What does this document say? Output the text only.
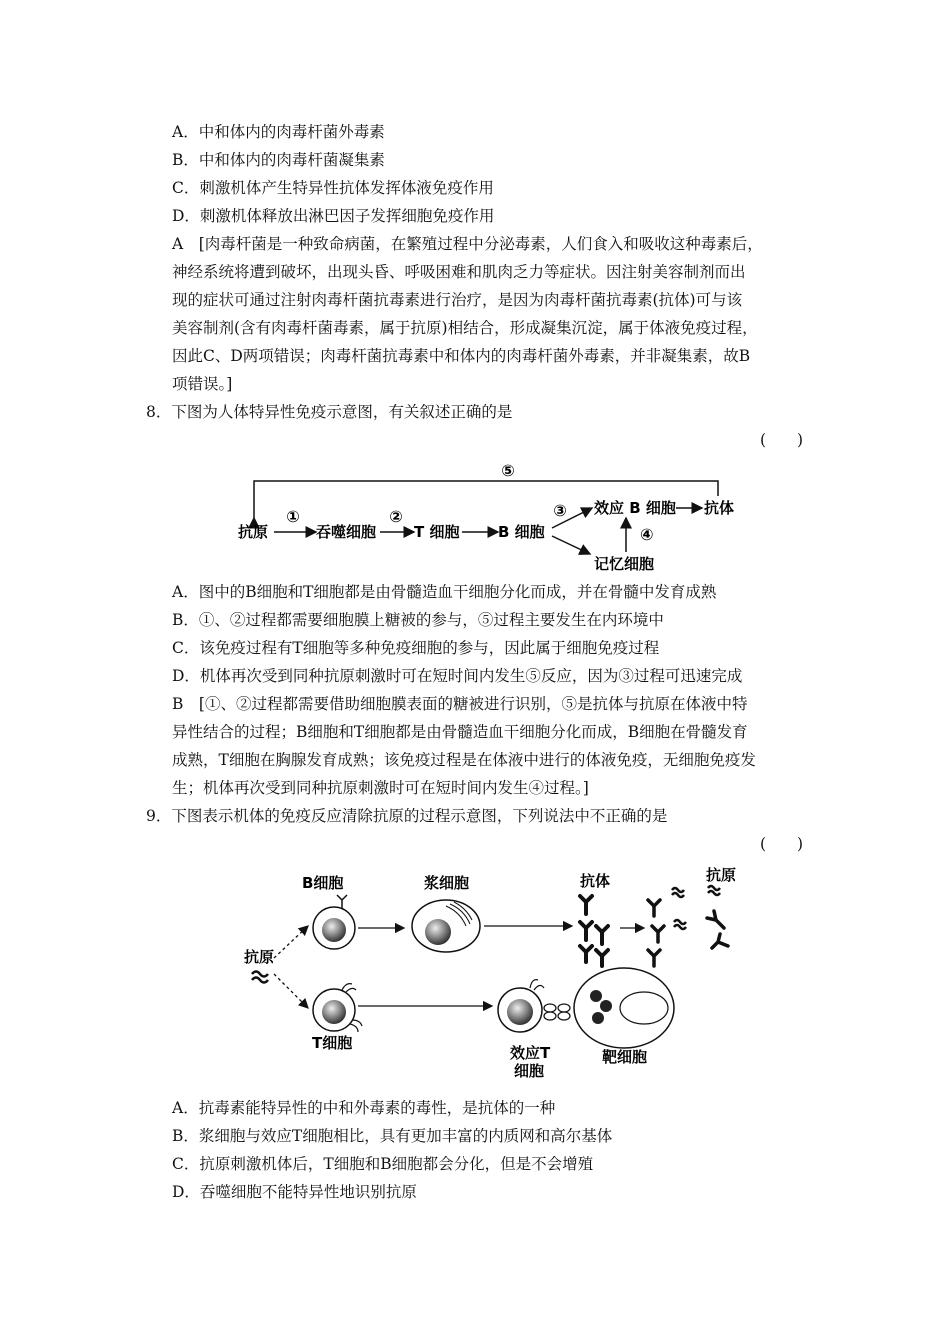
A．中和体内的肉毒杆菌外毒素
B．中和体内的肉毒杆菌凝集素
C．刺激机体产生特异性抗体发挥体液免疫作用
D．刺激机体释放出淋巴因子发挥细胞免疫作用
A　[肉毒杆菌是一种致命病菌，在繁殖过程中分泌毒素，人们食入和吸收这种毒素后，
神经系统将遭到破坏，出现头昏、呼吸困难和肌肉乏力等症状。因注射美容制剂而出
现的症状可通过注射肉毒杆菌抗毒素进行治疗，是因为肉毒杆菌抗毒素(抗体)可与该
美容制剂(含有肉毒杆菌毒素，属于抗原)相结合，形成凝集沉淀，属于体液免疫过程，
因此C、D两项错误；肉毒杆菌抗毒素中和体内的肉毒杆菌外毒素，并非凝集素，故B
项错误。]
8．下图为人体特异性免疫示意图，有关叙述正确的是
(　　)
⑤
抗原
①
吞噬细胞
②
T 细胞	B 细胞
③ 效应 B 细胞 抗体
④
记忆细胞
A．图中的B细胞和T细胞都是由骨髓造血干细胞分化而成，并在骨髓中发育成熟
B．①、②过程都需要细胞膜上糖被的参与，⑤过程主要发生在内环境中
C．该免疫过程有T细胞等多种免疫细胞的参与，因此属于细胞免疫过程
D．机体再次受到同种抗原刺激时可在短时间内发生⑤反应，因为③过程可迅速完成
B　[①、②过程都需要借助细胞膜表面的糖被进行识别，⑤是抗体与抗原在体液中特
异性结合的过程；B细胞和T细胞都是由骨髓造血干细胞分化而成，B细胞在骨髓发育
成熟，T细胞在胸腺发育成熟；该免疫过程是在体液中进行的体液免疫，无细胞免疫发
生；机体再次受到同种抗原刺激时可在短时间内发生④过程。]
9．下图表示机体的免疫反应清除抗原的过程示意图，下列说法中不正确的是
(　　)
B细胞	浆细胞	抗体	抗原
抗原
T细胞
效应T
细胞
靶细胞
A．抗毒素能特异性的中和外毒素的毒性，是抗体的一种
B．浆细胞与效应T细胞相比，具有更加丰富的内质网和高尔基体
C．抗原刺激机体后，T细胞和B细胞都会分化，但是不会增殖
D．吞噬细胞不能特异性地识别抗原
